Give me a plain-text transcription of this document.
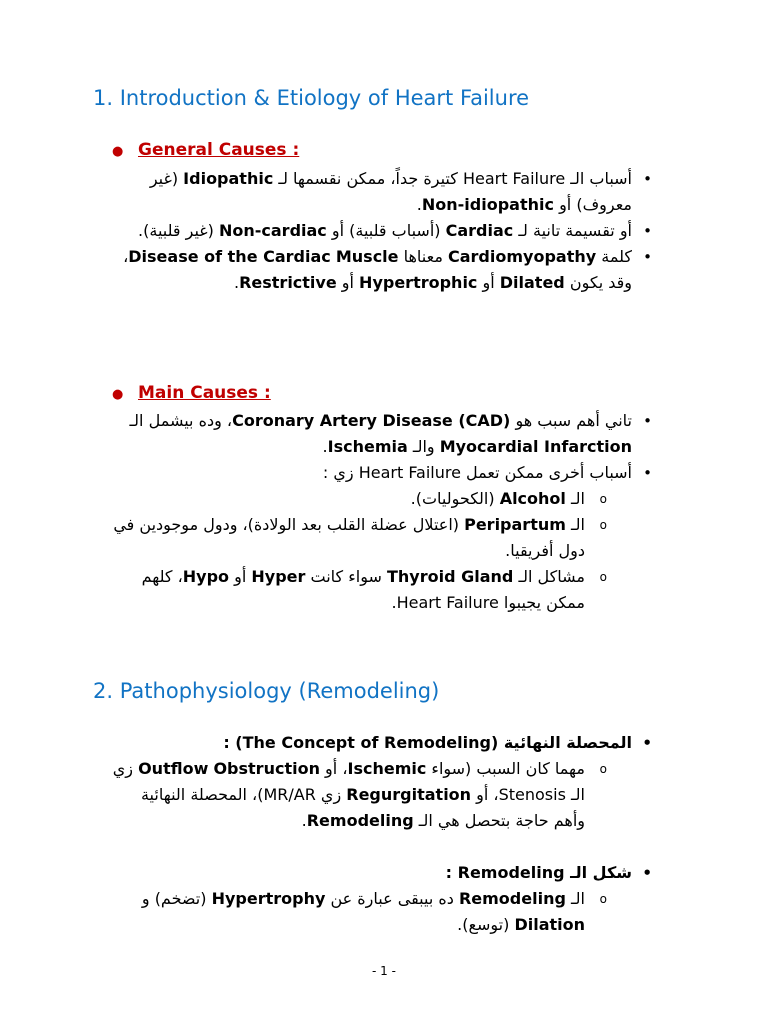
1. Introduction & Etiology of Heart Failure

● General Causes :

أسباب الـ Heart Failure كتيرة جداً، ممكن نقسمها لـ Idiopathic (غير معروف) أو Non-idiopathic. •
أو تقسيمة تانية لـ Cardiac (أسباب قلبية) أو Non-cardiac (غير قلبية). •
كلمة Cardiomyopathy معناها Disease of the Cardiac Muscle، وقد يكون Dilated أو Hypertrophic أو Restrictive. •

● Main Causes :

تاني أهم سبب هو Coronary Artery Disease (CAD)، وده بيشمل الـ Myocardial Infarction والـ Ischemia. •
أسباب أخرى ممكن تعمل Heart Failure زي : •
الـ Alcohol (الكحوليات). o
الـ Peripartum (اعتلال عضلة القلب بعد الولادة)، ودول موجودين في دول أفريقيا. o
مشاكل الـ Thyroid Gland سواء كانت Hyper أو Hypo، كلهم ممكن يجيبوا Heart Failure. o
2. Pathophysiology (Remodeling)
المحصلة النهائية (The Concept of Remodeling) : •
مهما كان السبب (سواء Ischemic، أو Outflow Obstruction زي الـ Stenosis، أو Regurgitation زي MR/AR)، المحصلة النهائية وأهم حاجة بتحصل هي الـ Remodeling. o
شكل الـ Remodeling : •
الـ Remodeling ده بيبقى عبارة عن Hypertrophy (تضخم) و Dilation (توسع). o
- 1 -
